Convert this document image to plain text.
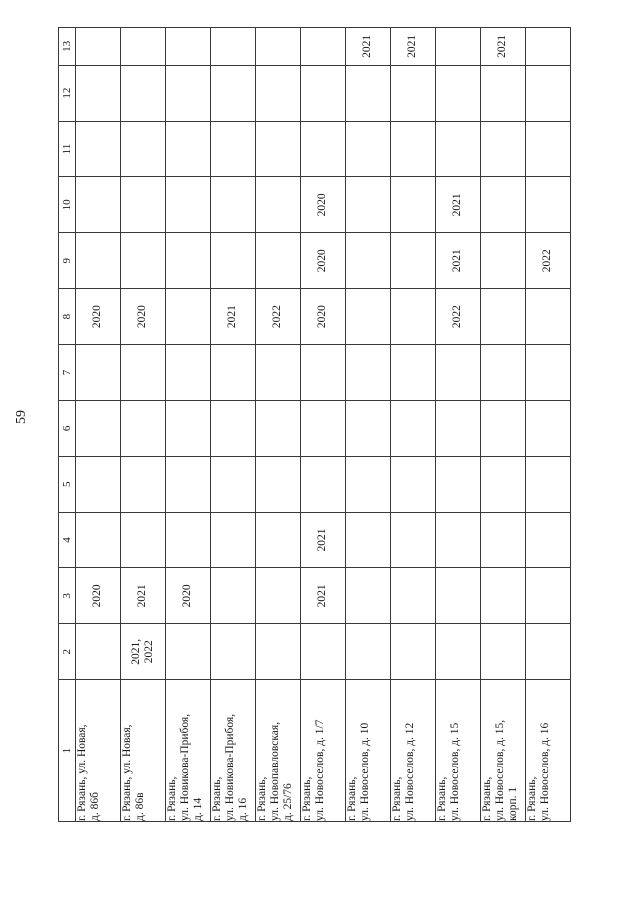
59
1	2	3	4	5	6	7	8	9	10	11	12	13
г. Рязань, ул. Новая,
д. 86б		2020					2020					
г. Рязань, ул. Новая,
д. 86в	2021,
2022	2021					2020					
г. Рязань,
ул. Новикова-Прибоя,
д. 14		2020										
г. Рязань,
ул. Новикова-Прибоя,
д. 16							2021					
г. Рязань,
ул. Новопавловская,
д. 25/76							2022					
г. Рязань,
ул. Новоселов, д. 1/7		2021	2021				2020	2020	2020			
г. Рязань,
ул. Новоселов, д. 10												2021
г. Рязань,
ул. Новоселов, д. 12												2021
г. Рязань,
ул. Новоселов, д. 15							2022	2021	2021			
г. Рязань,
ул. Новоселов, д. 15,
корп. 1												2021
г. Рязань,
ул. Новоселов, д. 16								2022				
